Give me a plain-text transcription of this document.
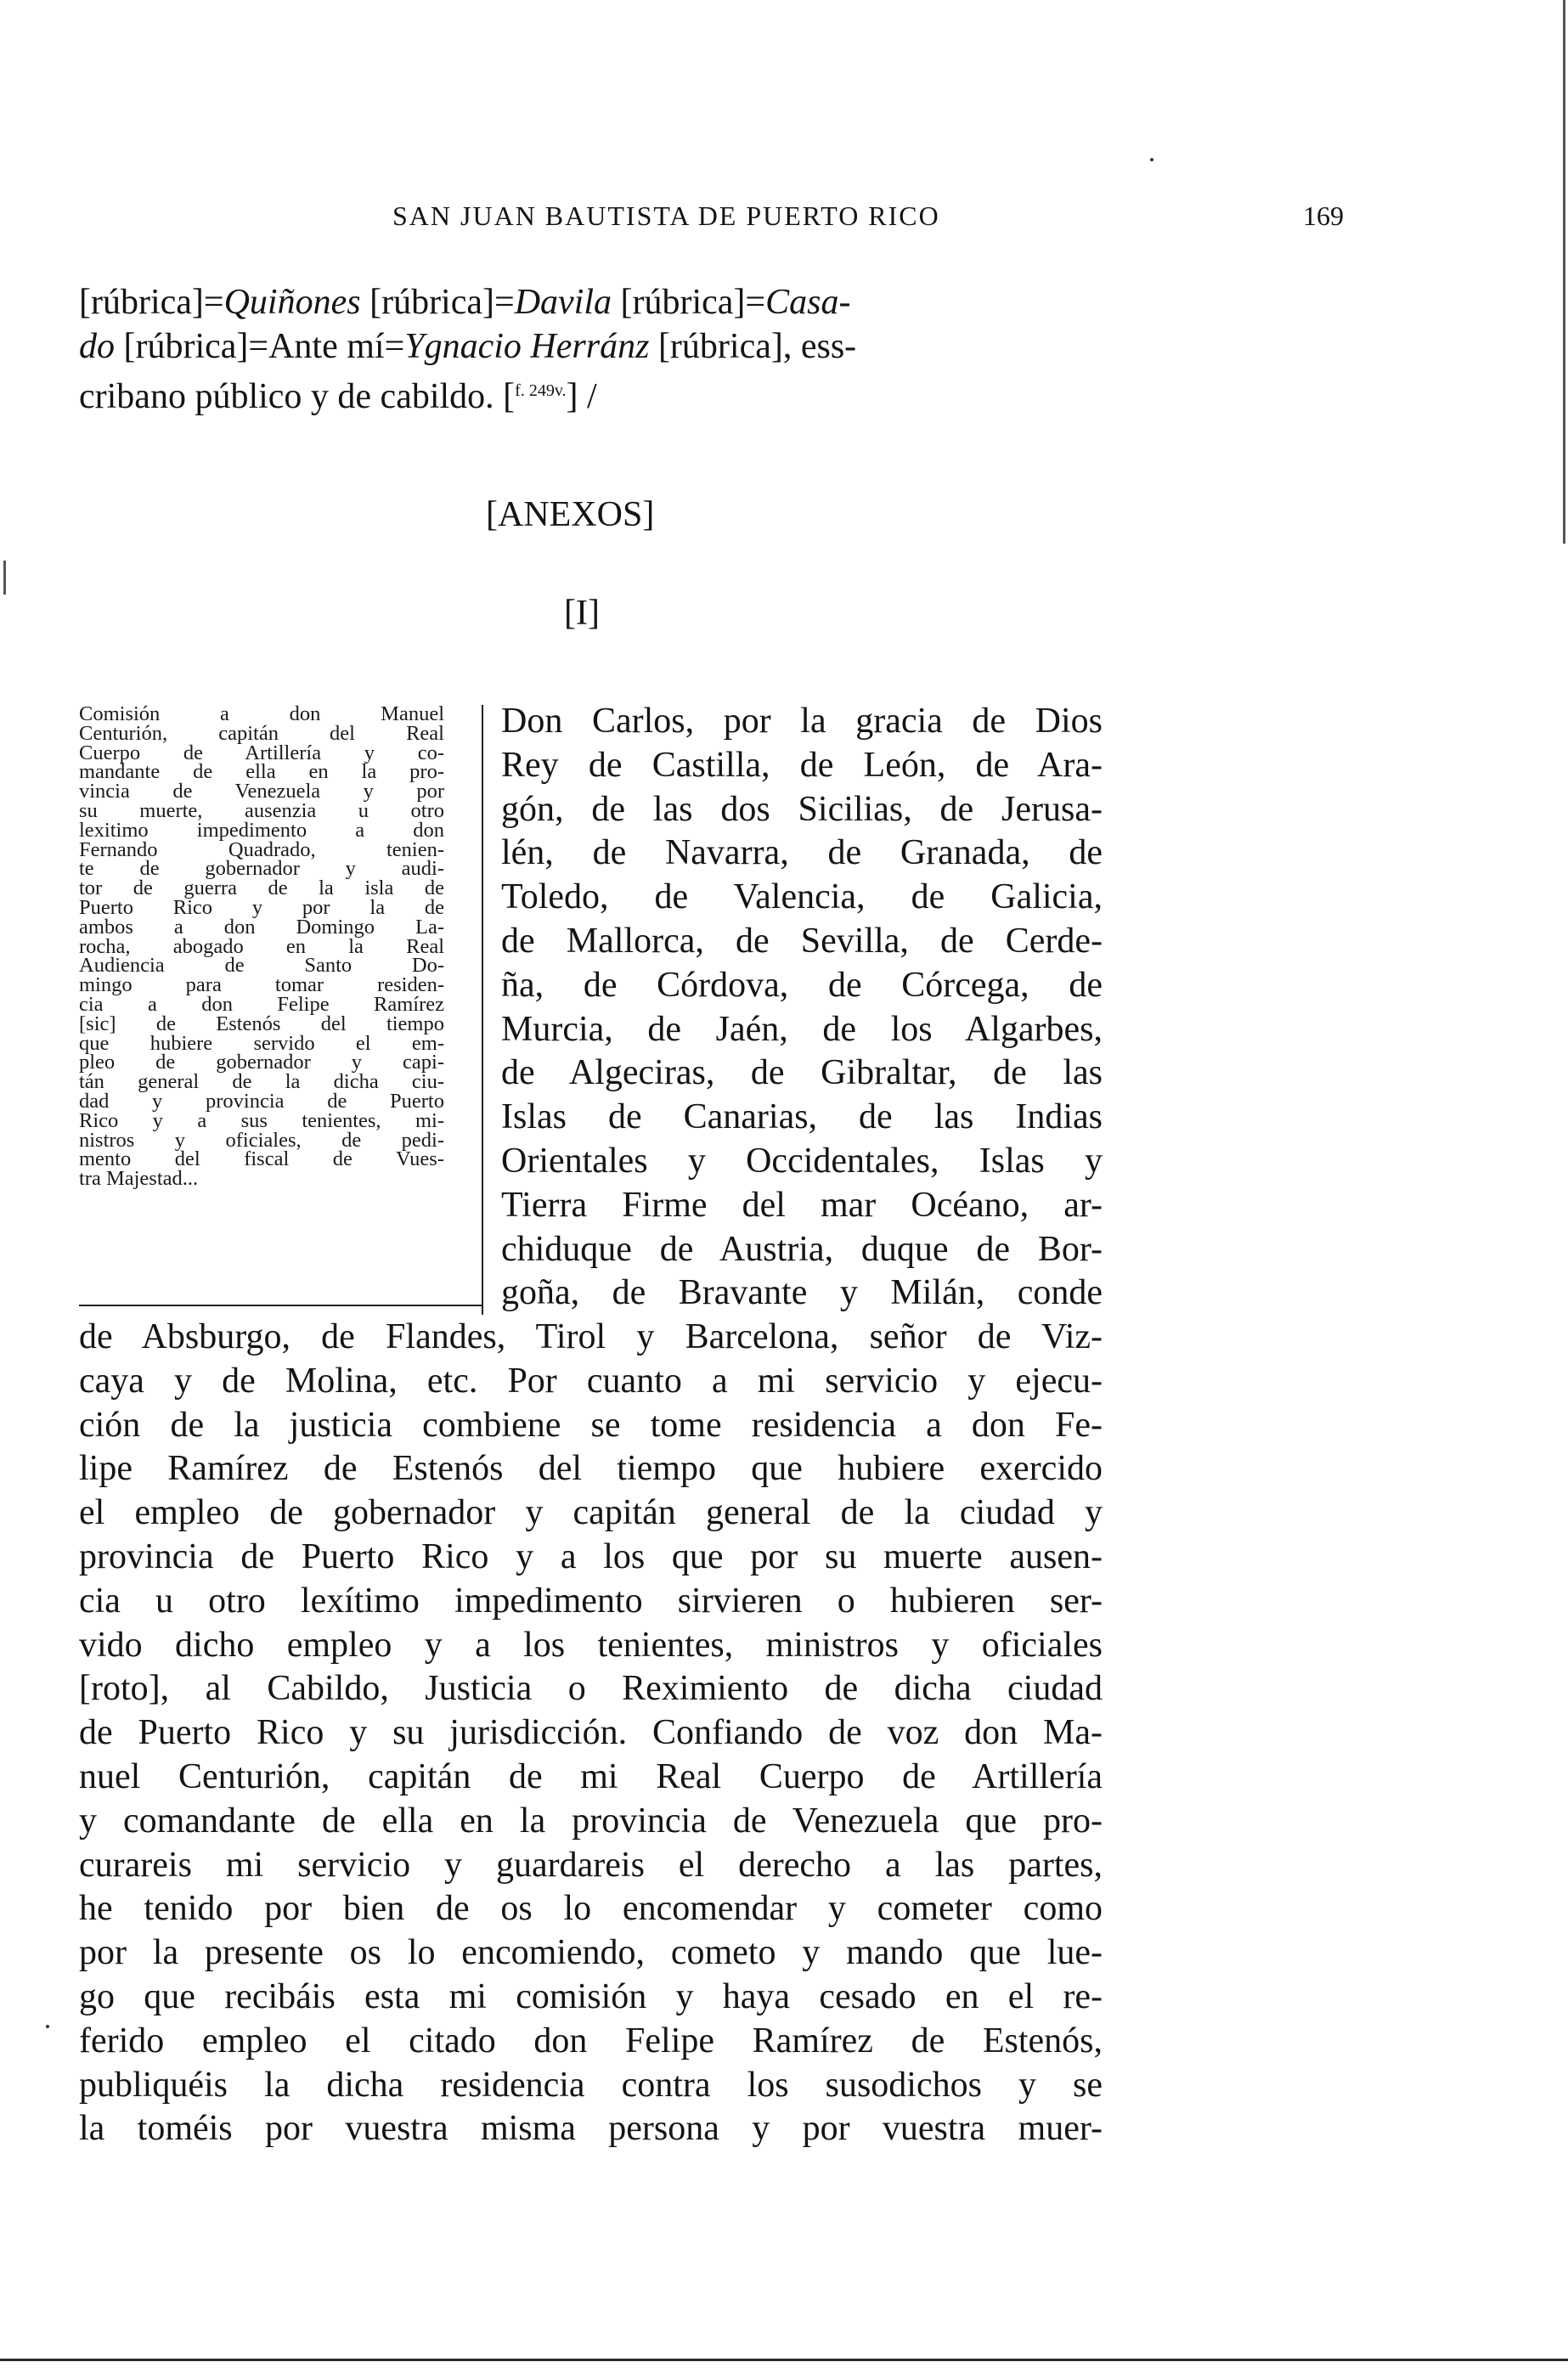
SAN JUAN BAUTISTA DE PUERTO RICO	169
[rúbrica]=Quiñones [rúbrica]=Davila [rúbrica]=Casa-
do [rúbrica]=Ante mí=Ygnacio Herránz [rúbrica], ess-
cribano público y de cabildo. [$^{f. 249v.}$] /
[ANEXOS]
[I]
Comisión a don Manuel
Centurión, capitán del Real
Cuerpo de Artillería y co-
mandante de ella en la pro-
vincia de Venezuela y por
su muerte, ausenzia u otro
lexitimo impedimento a don
Fernando Quadrado, tenien-
te de gobernador y audi-
tor de guerra de la isla de
Puerto Rico y por la de
ambos a don Domingo La-
rocha, abogado en la Real
Audiencia de Santo Do-
mingo para tomar residen-
cia a don Felipe Ramírez
[sic] de Estenós del tiempo
que hubiere servido el em-
pleo de gobernador y capi-
tán general de la dicha ciu-
dad y provincia de Puerto
Rico y a sus tenientes, mi-
nistros y oficiales, de pedi-
mento del fiscal de Vues-
tra Majestad...
Don Carlos, por la gracia de Dios
Rey de Castilla, de León, de Ara-
gón, de las dos Sicilias, de Jerusa-
lén, de Navarra, de Granada, de
Toledo, de Valencia, de Galicia,
de Mallorca, de Sevilla, de Cerde-
ña, de Córdova, de Córcega, de
Murcia, de Jaén, de los Algarbes,
de Algeciras, de Gibraltar, de las
Islas de Canarias, de las Indias
Orientales y Occidentales, Islas y
Tierra Firme del mar Océano, ar-
chiduque de Austria, duque de Bor-
goña, de Bravante y Milán, conde
de Absburgo, de Flandes, Tirol y Barcelona, señor de Viz-
caya y de Molina, etc. Por cuanto a mi servicio y ejecu-
ción de la justicia combiene se tome residencia a don Fe-
lipe Ramírez de Estenós del tiempo que hubiere exercido
el empleo de gobernador y capitán general de la ciudad y
provincia de Puerto Rico y a los que por su muerte ausen-
cia u otro lexítimo impedimento sirvieren o hubieren ser-
vido dicho empleo y a los tenientes, ministros y oficiales
[roto], al Cabildo, Justicia o Reximiento de dicha ciudad
de Puerto Rico y su jurisdicción. Confiando de voz don Ma-
nuel Centurión, capitán de mi Real Cuerpo de Artillería
y comandante de ella en la provincia de Venezuela que pro-
curareis mi servicio y guardareis el derecho a las partes,
he tenido por bien de os lo encomendar y cometer como
por la presente os lo encomiendo, cometo y mando que lue-
go que recibáis esta mi comisión y haya cesado en el re-
ferido empleo el citado don Felipe Ramírez de Estenós,
publiquéis la dicha residencia contra los susodichos y se
la toméis por vuestra misma persona y por vuestra muer-
